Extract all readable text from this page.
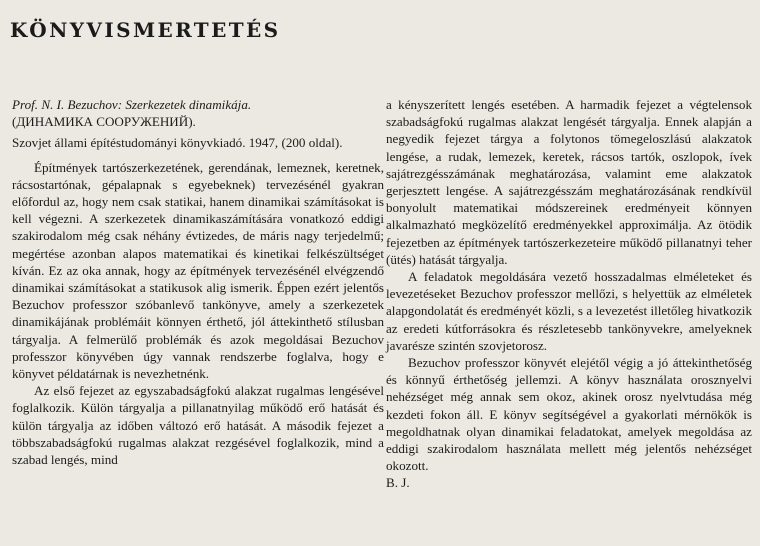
KÖNYVISMERTETÉS

Prof. N. I. Bezuchov: Szerkezetek dinamikája.

(ДИНАМИКА СООРУЖЕНИЙ).

Szovjet állami építéstudományi könyvkiadó. 1947, (200 oldal).

Építmények tartószerkezetének, gerendának, lemeznek, keretnek, rácsostartónak, gépalapnak s egyebeknek) tervezésénél gyakran előfordul az, hogy nem csak statikai, hanem dinamikai számításokat is kell végezni. A szerkezetek dinamikaszámítására vonatkozó eddigi szakirodalom még csak néhány évtizedes, de máris nagy terjedelmű; megértése azonban alapos matematikai és kinetikai felkészültséget kíván. Ez az oka annak, hogy az építmények tervezésénél elvégzendő dinamikai számításokat a statikusok alig ismerik. Éppen ezért jelentős Bezuchov professzor szóbanlevő tankönyve, amely a szerkezetek dinamikájának problémáit könnyen érthető, jól áttekinthető stílusban tárgyalja. A felmerülő problémák és azok megoldásai Bezuchov professzor könyvében úgy vannak rendszerbe foglalva, hogy e könyvet példatárnak is nevezhetnénk.

Az első fejezet az egyszabadságfokú alakzat rugalmas lengésével foglalkozik. Külön tárgyalja a pillanatnyilag működő erő hatását és külön tárgyalja az időben változó erő hatását. A második fejezet a többszabadságfokú rugalmas alakzat rezgésével foglalkozik, mind a szabad lengés, mind

a kényszerített lengés esetében. A harmadik fejezet a végtelensok szabadságfokú rugalmas alakzat lengését tárgyalja. Ennek alapján a negyedik fejezet tárgya a folytonos tömegeloszlású alakzatok lengése, a rudak, lemezek, keretek, rácsos tartók, oszlopok, ívek sajátrezgésszámának meghatározása, valamint eme alakzatok gerjesztett lengése. A sajátrezgésszám meghatározásának rendkívül bonyolult matematikai módszereinek eredményeit könnyen alkalmazható megközelítő eredményekkel approximálja. Az ötödik fejezetben az építmények tartószerkezeteire működő pillanatnyi teher (ütés) hatását tárgyalja.

A feladatok megoldására vezető hosszadalmas elméleteket és levezetéseket Bezuchov professzor mellőzi, s helyettük az elméletek alapgondolatát és eredményét közli, s a levezetést illetőleg hivatkozik az eredeti kútforrásokra és részletesebb tankönyvekre, amelyeknek javarésze szintén szovjetorosz.

Bezuchov professzor könyvét elejétől végig a jó áttekinthetőség és könnyű érthetőség jellemzi. A könyv használata orosznyelvi nehézséget még annak sem okoz, akinek orosz nyelvtudása még kezdeti fokon áll. E könyv segítségével a gyakorlati mérnökök is megoldhatnak olyan dinamikai feladatokat, amelyek megoldása az eddigi szakirodalom használata mellett még jelentős nehézséget okozott.

B. J.
